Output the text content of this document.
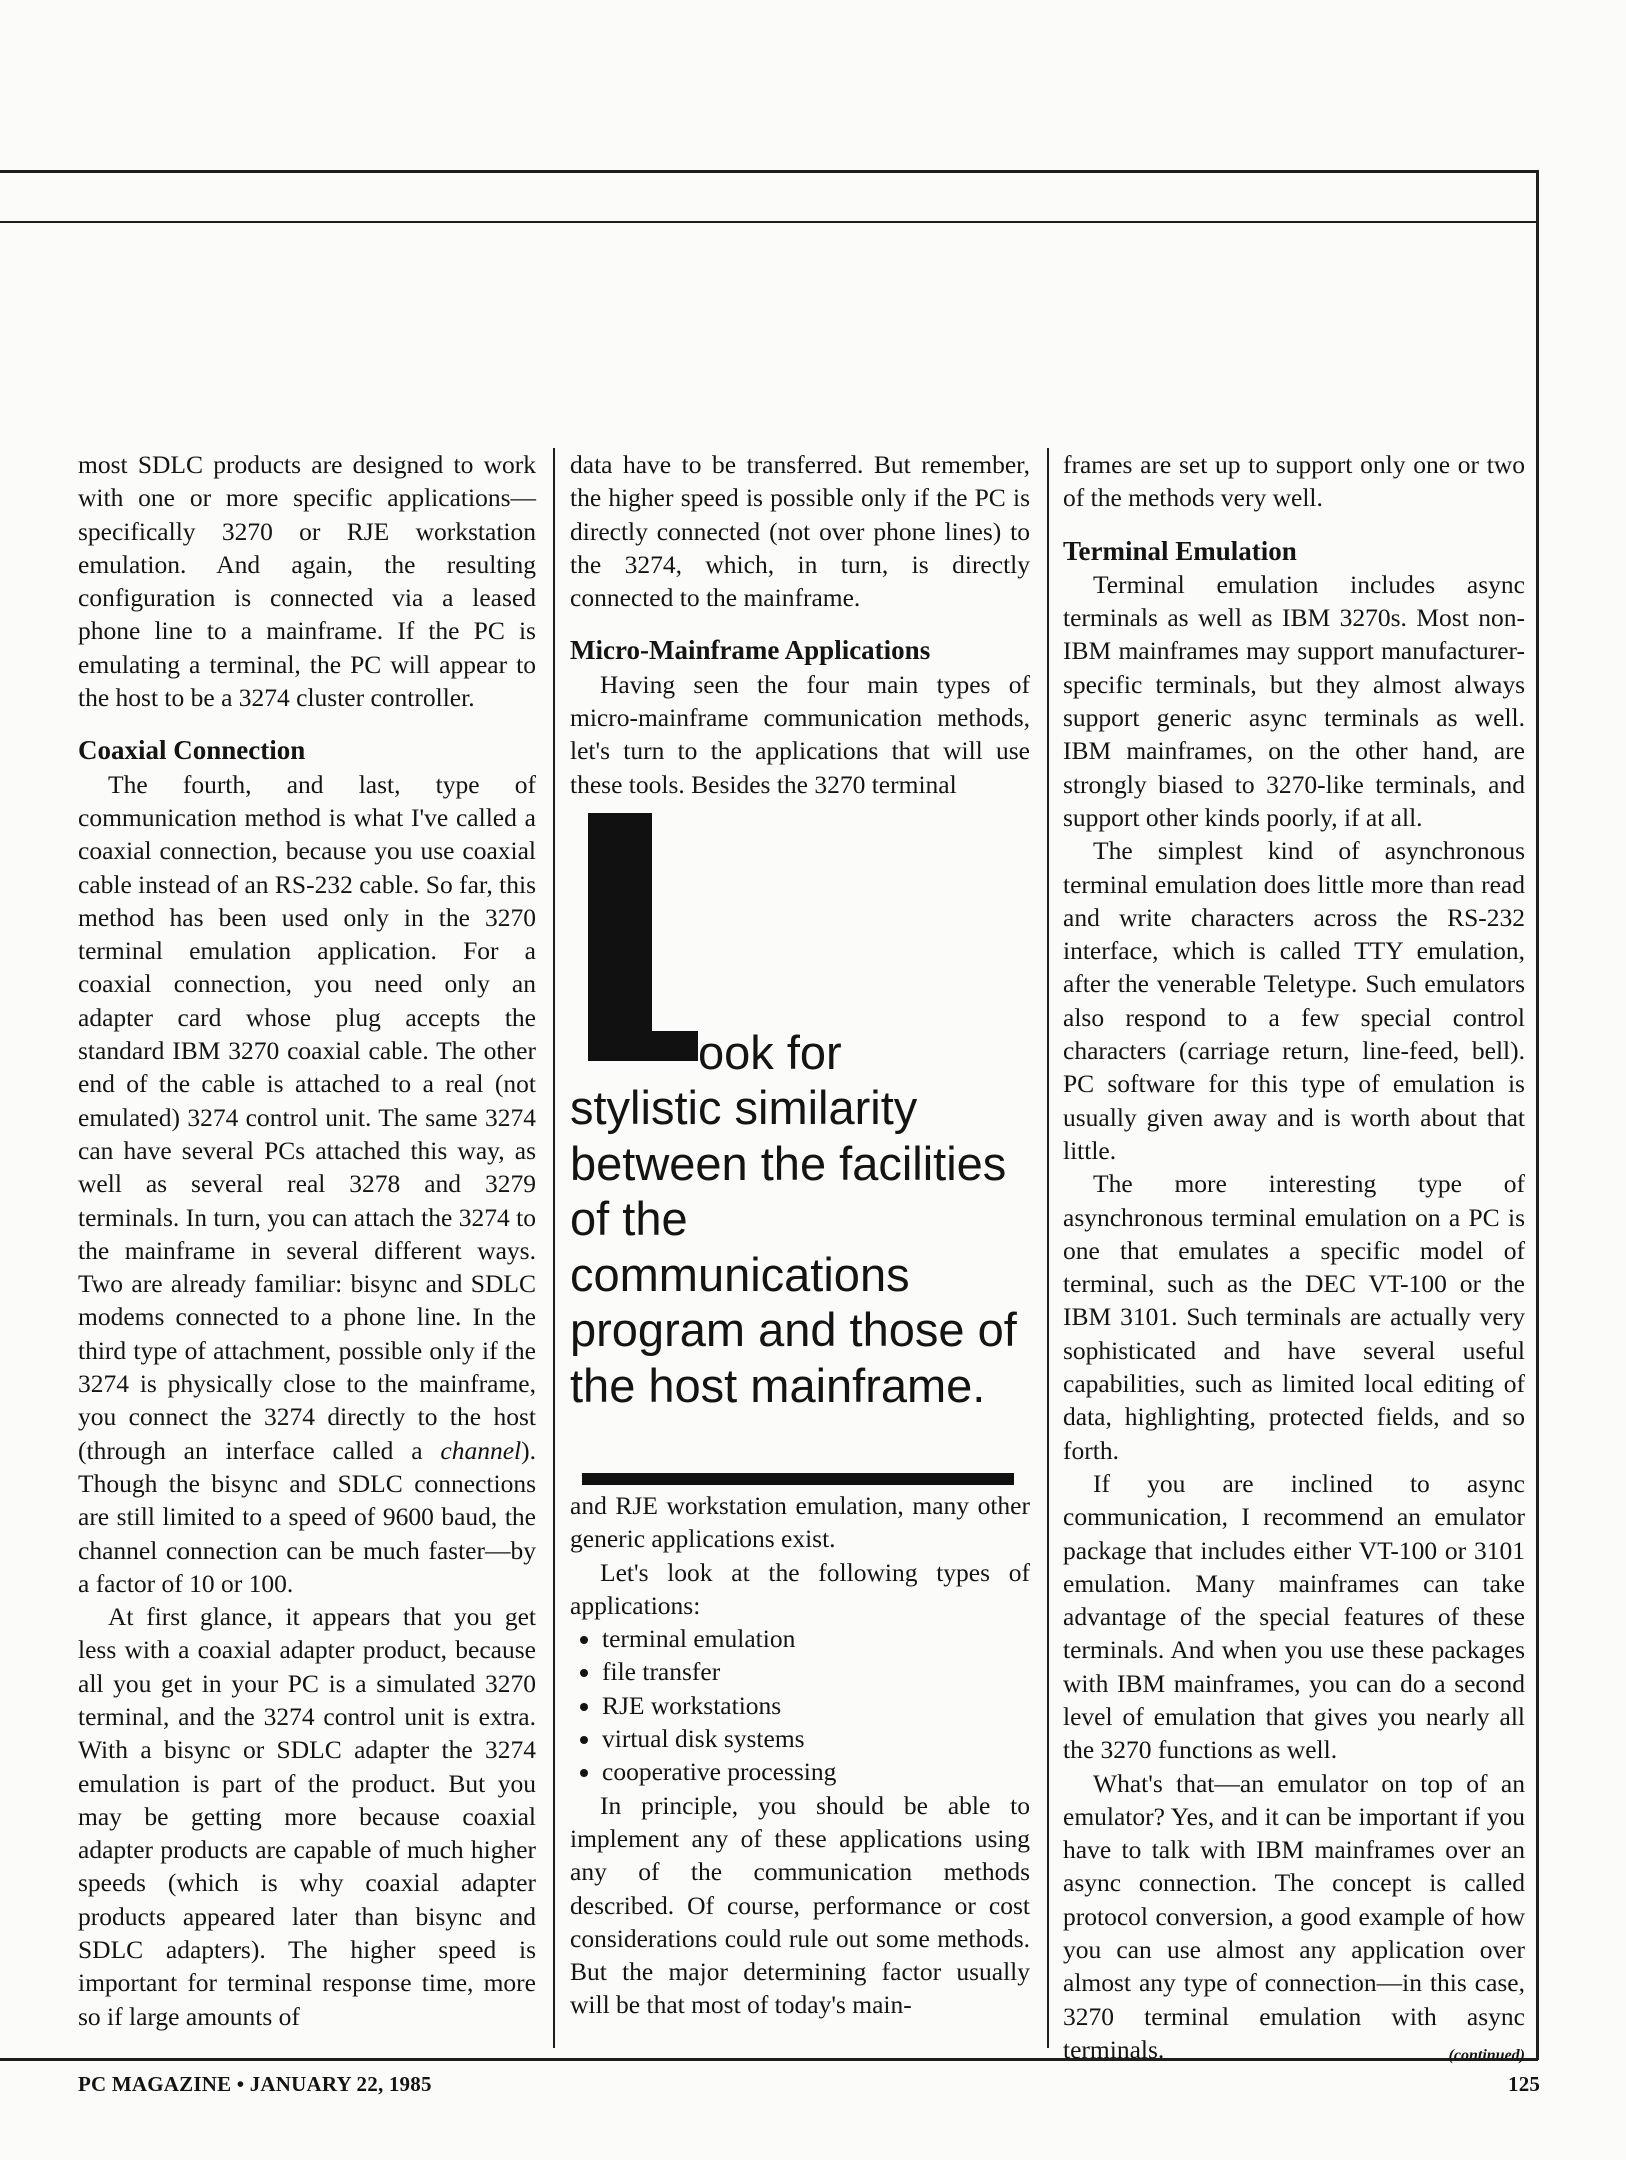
most SDLC products are designed to work with one or more specific applications—specifically 3270 or RJE workstation emulation. And again, the resulting configuration is connected via a leased phone line to a mainframe. If the PC is emulating a terminal, the PC will appear to the host to be a 3274 cluster controller.

Coaxial Connection

The fourth, and last, type of communication method is what I've called a coaxial connection, because you use coaxial cable instead of an RS-232 cable. So far, this method has been used only in the 3270 terminal emulation application. For a coaxial connection, you need only an adapter card whose plug accepts the standard IBM 3270 coaxial cable. The other end of the cable is attached to a real (not emulated) 3274 control unit. The same 3274 can have several PCs attached this way, as well as several real 3278 and 3279 terminals. In turn, you can attach the 3274 to the mainframe in several different ways. Two are already familiar: bisync and SDLC modems connected to a phone line. In the third type of attachment, possible only if the 3274 is physically close to the mainframe, you connect the 3274 directly to the host (through an interface called a channel). Though the bisync and SDLC connections are still limited to a speed of 9600 baud, the channel connection can be much faster—by a factor of 10 or 100.

At first glance, it appears that you get less with a coaxial adapter product, because all you get in your PC is a simulated 3270 terminal, and the 3274 control unit is extra. With a bisync or SDLC adapter the 3274 emulation is part of the product. But you may be getting more because coaxial adapter products are capable of much higher speeds (which is why coaxial adapter products appeared later than bisync and SDLC adapters). The higher speed is important for terminal response time, more so if large amounts of

data have to be transferred. But remember, the higher speed is possible only if the PC is directly connected (not over phone lines) to the 3274, which, in turn, is directly connected to the mainframe.

Micro-Mainframe Applications

Having seen the four main types of micro-mainframe communication methods, let's turn to the applications that will use these tools. Besides the 3270 terminal

ook for
stylistic similarity between the facilities of the communications program and those of the host mainframe.

and RJE workstation emulation, many other generic applications exist.

Let's look at the following types of applications:

terminal emulation
file transfer
RJE workstations
virtual disk systems
cooperative processing

In principle, you should be able to implement any of these applications using any of the communication methods described. Of course, performance or cost considerations could rule out some methods. But the major determining factor usually will be that most of today's main-

frames are set up to support only one or two of the methods very well.

Terminal Emulation

Terminal emulation includes async terminals as well as IBM 3270s. Most non-IBM mainframes may support manufacturer-specific terminals, but they almost always support generic async terminals as well. IBM mainframes, on the other hand, are strongly biased to 3270-like terminals, and support other kinds poorly, if at all.

The simplest kind of asynchronous terminal emulation does little more than read and write characters across the RS-232 interface, which is called TTY emulation, after the venerable Teletype. Such emulators also respond to a few special control characters (carriage return, line-feed, bell). PC software for this type of emulation is usually given away and is worth about that little.

The more interesting type of asynchronous terminal emulation on a PC is one that emulates a specific model of terminal, such as the DEC VT-100 or the IBM 3101. Such terminals are actually very sophisticated and have several useful capabilities, such as limited local editing of data, highlighting, protected fields, and so forth.

If you are inclined to async communication, I recommend an emulator package that includes either VT-100 or 3101 emulation. Many mainframes can take advantage of the special features of these terminals. And when you use these packages with IBM mainframes, you can do a second level of emulation that gives you nearly all the 3270 functions as well.

What's that—an emulator on top of an emulator? Yes, and it can be important if you have to talk with IBM mainframes over an async connection. The concept is called protocol conversion, a good example of how you can use almost any application over almost any type of connection—in this case, 3270 terminal emulation with async terminals.	(continued)

PC MAGAZINE • JANUARY 22, 1985	125
